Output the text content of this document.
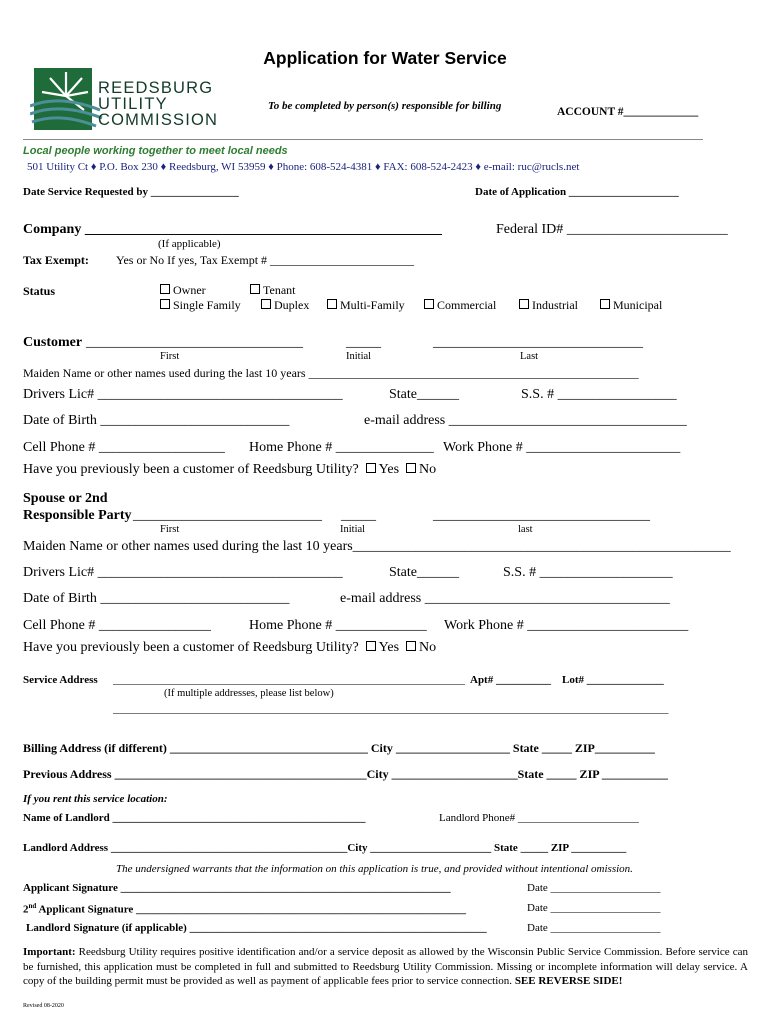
Application for Water Service
REEDSBURG
UTILITY
COMMISSION
To be completed by person(s) responsible for billing	ACCOUNT #_____________
Local people working together to meet local needs
501 Utility Ct ♦ P.O. Box 230 ♦ Reedsburg, WI 53959 ♦ Phone: 608-524-4381 ♦ FAX: 608-524-2423 ♦ e-mail: ruc@rucls.net
Date Service Requested by ________________	Date of Application ____________________
Company ___________________________________________________	Federal ID# _______________________
(If applicable)
Tax Exempt: Yes or No If yes, Tax Exempt # ________________________
Status	Owner	Tenant
Single Family	Duplex	Multi-Family	Commercial	Industrial	Municipal
Customer _______________________________	_____	______________________________
First	Initial	Last
Maiden Name or other names used during the last 10 years _______________________________________________________
Drivers Lic# ___________________________________	State______	S.S. # _________________
Date of Birth ___________________________	e-mail address __________________________________
Cell Phone # __________________ Home Phone # ______________ Work Phone # ______________________
Have you previously been a customer of Reedsburg Utility? Yes No
Spouse or 2nd
Responsible Party ___________________________ _____	_______________________________
First	Initial	last
Maiden Name or other names used during the last 10 years______________________________________________________
Drivers Lic# ___________________________________	State______	S.S. # ___________________
Date of Birth ___________________________	e-mail address ___________________________________
Cell Phone # ________________	Home Phone # _____________ Work Phone # _______________________
Have you previously been a customer of Reedsburg Utility? Yes No
Service Address ________________________________________________________________ Apt# __________ Lot# ______________
(If multiple addresses, please list below)
_____________________________________________________________________________________________________
Billing Address (if different) _________________________________ City ___________________ State _____ ZIP__________
Previous Address __________________________________________City _____________________State _____ ZIP ___________
If you rent this service location:
Name of Landlord ______________________________________________	Landlord Phone# ______________________
Landlord Address ___________________________________________City ______________________ State _____ ZIP __________
The undersigned warrants that the information on this application is true, and provided without intentional omission.
Applicant Signature ____________________________________________________________	Date ____________________
2nd Applicant Signature ____________________________________________________________	Date ____________________
Landlord Signature (if applicable) ______________________________________________________	Date ____________________
Important: Reedsburg Utility requires positive identification and/or a service deposit as allowed by the Wisconsin Public Service Commission. Before service can be furnished, this application must be completed in full and submitted to Reedsburg Utility Commission. Missing or incomplete information will delay service. A copy of the building permit must be provided as well as payment of applicable fees prior to service connection. SEE REVERSE SIDE!
Revised 08-2020
